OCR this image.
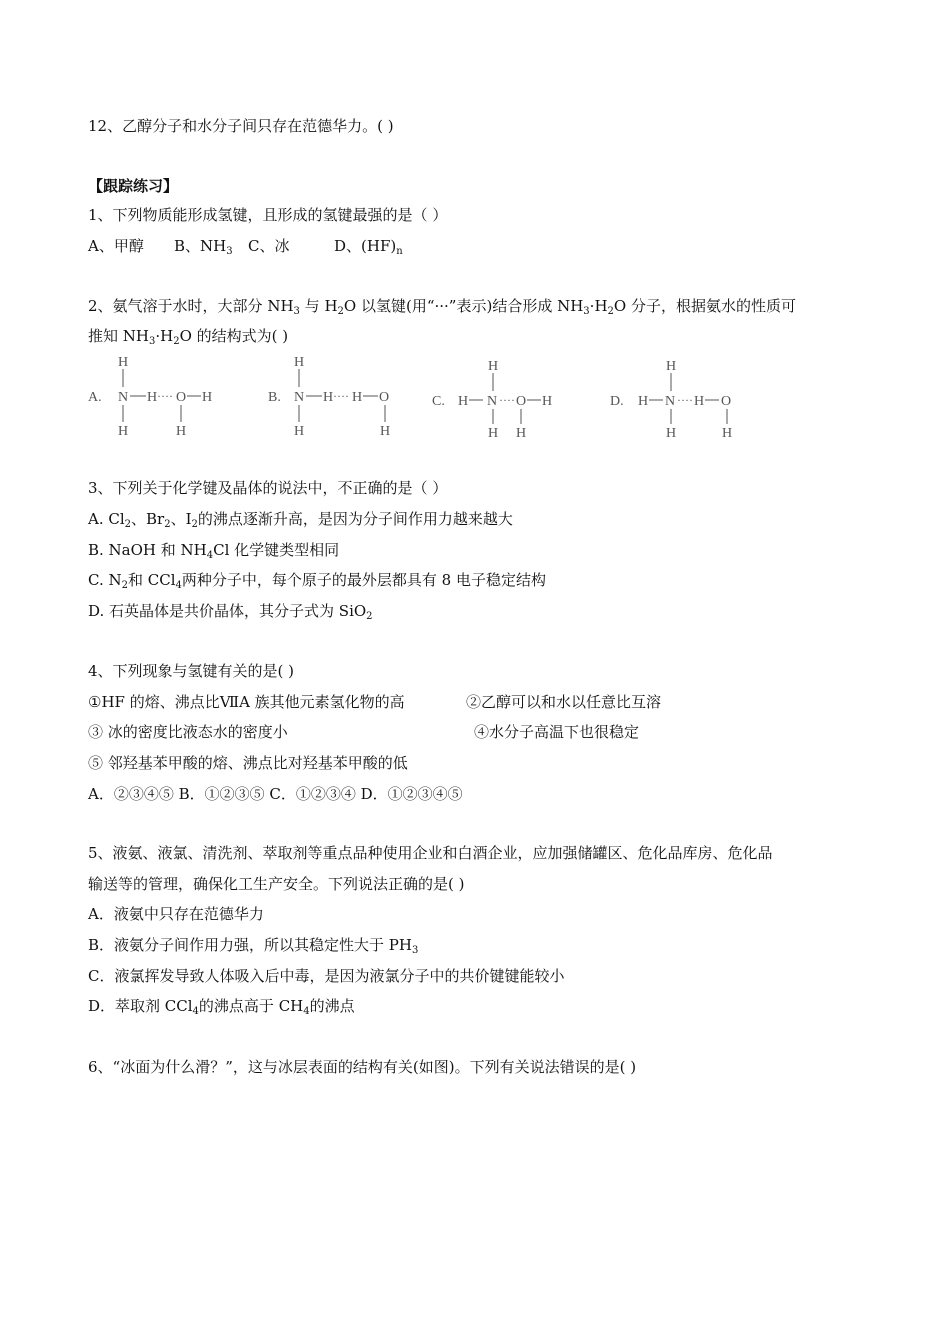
12、乙醇分子和水分子间只存在范德华力。( )
【跟踪练习】
1、下列物质能形成氢键，且形成的氢键最强的是（ ）
A、甲醇 B、$NH_3$ C、冰	D、$(HF)_n$
2、氨气溶于水时，大部分 $NH_3$ 与 $H_2O$ 以氢键(用“···”表示)结合形成 $NH_3\cdot H_2O$ 分子，根据氨水的性质可
推知 $NH_3\cdot H_2O$ 的结构式为( )
A.
H
N
H
H ···· O H
H
B.
H
N
H
H ···· H O
H
C. H
H
N
H
···· O H
H
D. H
H
N
H
···· H O
H
3、下列关于化学键及晶体的说法中，不正确的是（ ）
A. $Cl_2$、$Br_2$、$I_2$的沸点逐渐升高，是因为分子间作用力越来越大
B. NaOH 和 $NH_4Cl$ 化学键类型相同
C. $N_2$和 CCl$_4$两种分子中，每个原子的最外层都具有 8 电子稳定结构
D. 石英晶体是共价晶体，其分子式为 SiO$_2$
4、下列现象与氢键有关的是( )
①HF 的熔、沸点比ⅦA 族其他元素氢化物的高	②乙醇可以和水以任意比互溶
③ 冰的密度比液态水的密度小	④水分子高温下也很稳定
⑤ 邻羟基苯甲酸的熔、沸点比对羟基苯甲酸的低
A．②③④⑤ B．①②③⑤ C．①②③④ D．①②③④⑤
5、液氨、液氯、清洗剂、萃取剂等重点品种使用企业和白酒企业，应加强储罐区、危化品库房、危化品
输送等的管理，确保化工生产安全。下列说法正确的是( )
A．液氨中只存在范德华力
B．液氨分子间作用力强，所以其稳定性大于 $PH_3$
C．液氯挥发导致人体吸入后中毒，是因为液氯分子中的共价键键能较小
D．萃取剂 CCl$_4$的沸点高于 $CH_4$的沸点
6、“冰面为什么滑？”，这与冰层表面的结构有关(如图)。下列有关说法错误的是( )
